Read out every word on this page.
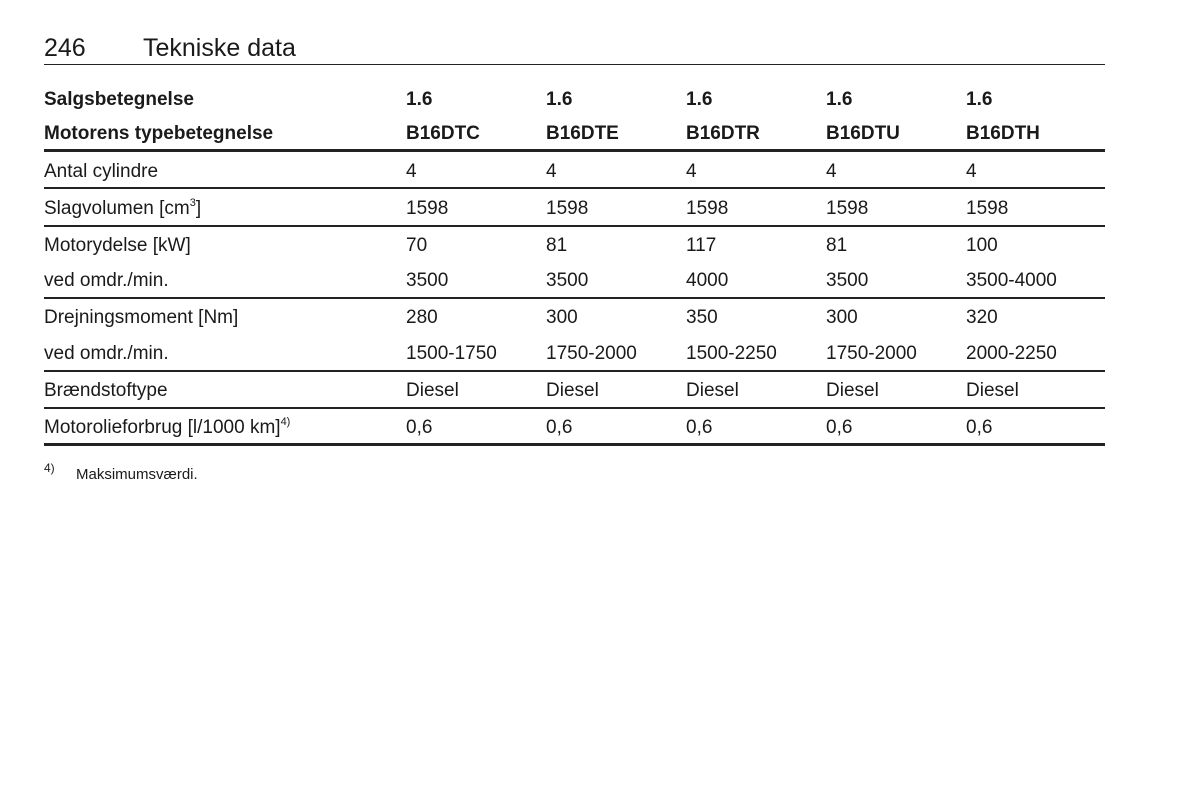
246 Tekniske data
Salgsbetegnelse	1.6	1.6	1.6	1.6	1.6
Motorens typebetegnelse	B16DTC	B16DTE	B16DTR	B16DTU	B16DTH
Antal cylindre	4	4	4	4	4
Slagvolumen $[cm^3]$	1598	1598	1598	1598	1598
Motorydelse [kW]	70	81	117	81	100
ved omdr./min.	3500	3500	4000	3500	3500-4000
Drejningsmoment [Nm]	280	300	350	300	320
ved omdr./min.	1500-1750	1750-2000	1500-2250	1750-2000	2000-2250
Brændstoftype	Diesel	Diesel	Diesel	Diesel	Diesel
Motorolieforbrug [l/1000 km]$^{4)}$	0,6	0,6	0,6	0,6	0,6
4) Maksimumsværdi.
